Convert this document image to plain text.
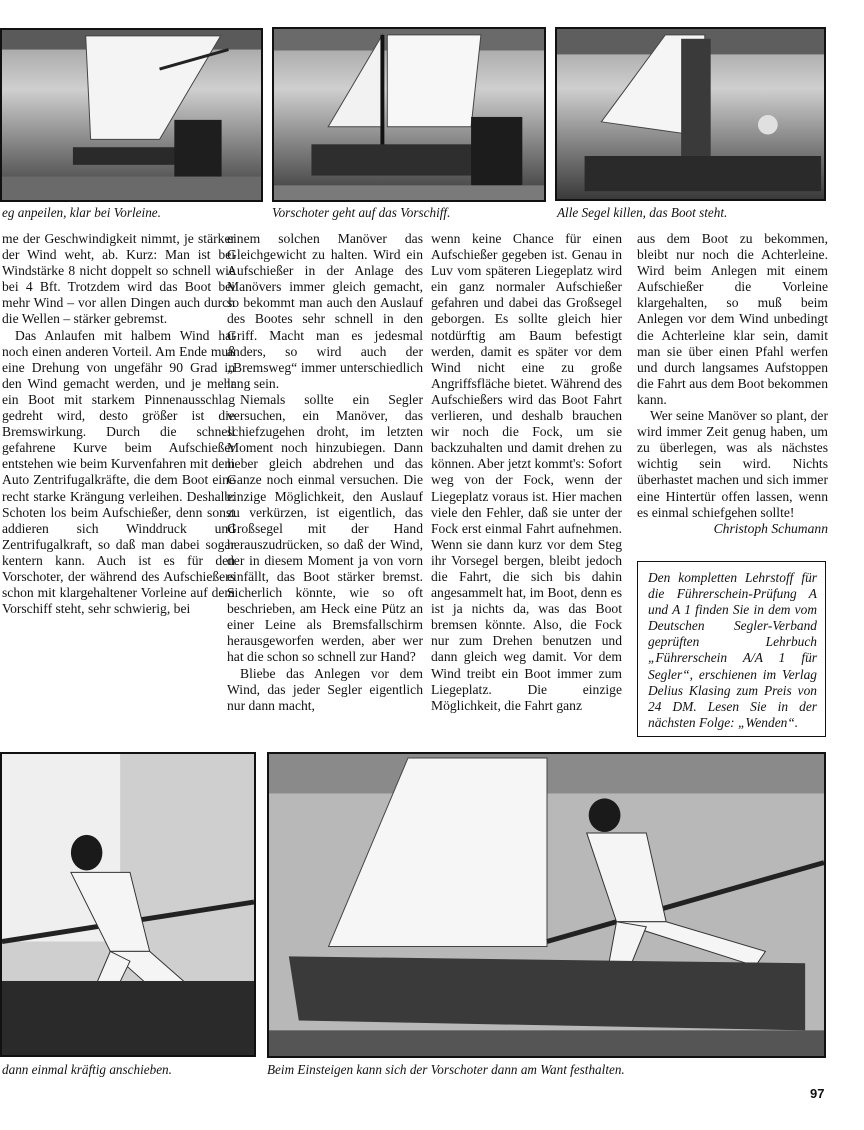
eg anpeilen, klar bei Vorleine.	Vorschoter geht auf das Vorschiff.	Alle Segel killen, das Boot steht.

me der Geschwindigkeit nimmt, je stärker der Wind weht, ab. Kurz: Man ist bei Windstärke 8 nicht doppelt so schnell wie bei 4 Bft. Trotzdem wird das Boot bei mehr Wind – vor allen Dingen auch durch die Wellen – stärker gebremst.

Das Anlaufen mit halbem Wind hat noch einen anderen Vorteil. Am Ende muß eine Drehung von ungefähr 90 Grad in den Wind gemacht werden, und je mehr ein Boot mit starkem Pinnenausschlag gedreht wird, desto größer ist die Bremswirkung. Durch die schnell gefahrene Kurve beim Aufschießer entstehen wie beim Kurvenfahren mit dem Auto Zentrifugalkräfte, die dem Boot eine recht starke Krängung verleihen. Deshalb: Schoten los beim Aufschießer, denn sonst addieren sich Winddruck und Zentrifugalkraft, so daß man dabei sogar kentern kann. Auch ist es für den Vorschoter, der während des Aufschießers schon mit klargehaltener Vorleine auf dem Vorschiff steht, sehr schwierig, bei

einem solchen Manöver das Gleichgewicht zu halten. Wird ein Aufschießer in der Anlage des Manövers immer gleich gemacht, so bekommt man auch den Auslauf des Bootes sehr schnell in den Griff. Macht man es jedesmal anders, so wird auch der „Bremsweg“ immer unterschiedlich lang sein.

Niemals sollte ein Segler versuchen, ein Manöver, das schiefzugehen droht, im letzten Moment noch hinzubiegen. Dann lieber gleich abdrehen und das Ganze noch einmal versuchen. Die einzige Möglichkeit, den Auslauf zu verkürzen, ist eigentlich, das Großsegel mit der Hand herauszudrücken, so daß der Wind, der in diesem Moment ja von vorn einfällt, das Boot stärker bremst. Sicherlich könnte, wie so oft beschrieben, am Heck eine Pütz an einer Leine als Bremsfallschirm herausgeworfen werden, aber wer hat die schon so schnell zur Hand?

Bliebe das Anlegen vor dem Wind, das jeder Segler eigentlich nur dann macht,

wenn keine Chance für einen Aufschießer gegeben ist. Genau in Luv vom späteren Liegeplatz wird ein ganz normaler Aufschießer gefahren und dabei das Großsegel geborgen. Es sollte gleich hier notdürftig am Baum befestigt werden, damit es später vor dem Wind nicht eine zu große Angriffsfläche bietet. Während des Aufschießers wird das Boot Fahrt verlieren, und deshalb brauchen wir noch die Fock, um sie backzuhalten und damit drehen zu können. Aber jetzt kommt's: Sofort weg von der Fock, wenn der Liegeplatz voraus ist. Hier machen viele den Fehler, daß sie unter der Fock erst einmal Fahrt aufnehmen. Wenn sie dann kurz vor dem Steg ihr Vorsegel bergen, bleibt jedoch die Fahrt, die sich bis dahin angesammelt hat, im Boot, denn es ist ja nichts da, was das Boot bremsen könnte. Also, die Fock nur zum Drehen benutzen und dann gleich weg damit. Vor dem Wind treibt ein Boot immer zum Liegeplatz. Die einzige Möglichkeit, die Fahrt ganz

aus dem Boot zu bekommen, bleibt nur noch die Achterleine. Wird beim Anlegen mit einem Aufschießer die Vorleine klargehalten, so muß beim Anlegen vor dem Wind unbedingt die Achterleine klar sein, damit man sie über einen Pfahl werfen und durch langsames Aufstoppen die Fahrt aus dem Boot bekommen kann.

Wer seine Manöver so plant, der wird immer Zeit genug haben, um zu überlegen, was als nächstes wichtig sein wird. Nichts überhastet machen und sich immer eine Hintertür offen lassen, wenn es einmal schiefgehen sollte!

Christoph Schumann
Den kompletten Lehrstoff für die Führerschein-Prüfung A und A 1 finden Sie in dem vom Deutschen Segler-Verband geprüften Lehrbuch „Führerschein A/A 1 für Segler“, erschienen im Verlag Delius Klasing zum Preis von 24 DM. Lesen Sie in der nächsten Folge: „Wenden“.
dann einmal kräftig anschieben.	Beim Einsteigen kann sich der Vorschoter dann am Want festhalten.
97
